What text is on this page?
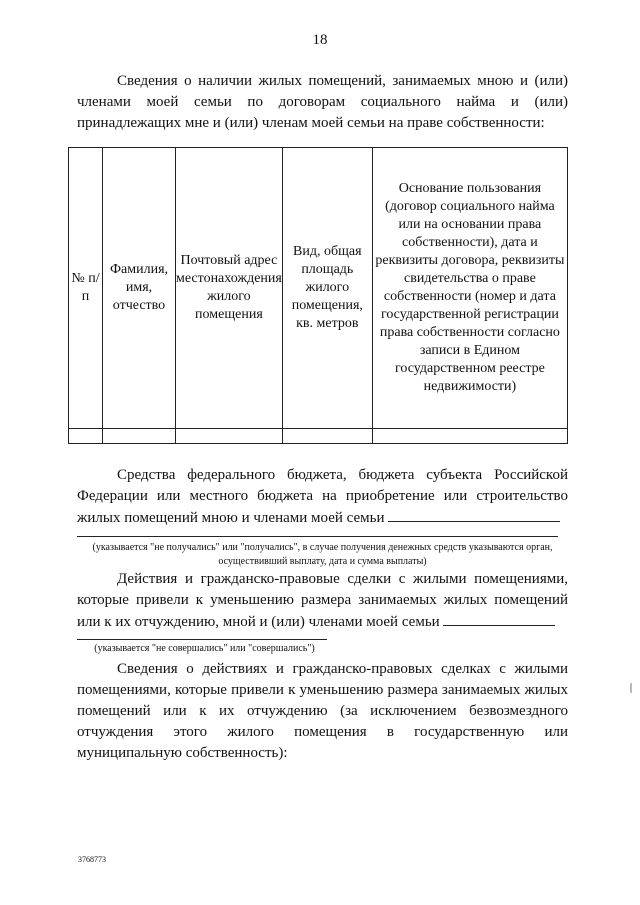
18
Сведения о наличии жилых помещений, занимаемых мною и (или) членами моей семьи по договорам социального найма и (или) принадлежащих мне и (или) членам моей семьи на праве собственности:
№ п/п	Фамилия, имя, отчество	Почтовый адрес местонахождения жилого помещения	Вид, общая площадь жилого помещения, кв. метров	Основание пользования (договор социального найма или на основании права собственности), дата и реквизиты договора, реквизиты свидетельства о праве собственности (номер и дата государственной регистрации права собственности согласно записи в Едином государственном реестре недвижимости)

Средства федерального бюджета, бюджета субъекта Российской Федерации или местного бюджета на приобретение или строительство жилых помещений мною и членами моей семьи
(указывается "не получались" или "получались", в случае получения денежных средств указываются орган, осуществивший выплату, дата и сумма выплаты)
Действия и гражданско-правовые сделки с жилыми помещениями, которые привели к уменьшению размера занимаемых жилых помещений или к их отчуждению, мной и (или) членами моей семьи
(указывается "не совершались" или "совершались")
Сведения о действиях и гражданско-правовых сделках с жилыми помещениями, которые привели к уменьшению размера занимаемых жилых помещений или к их отчуждению (за исключением безвозмездного отчуждения этого жилого помещения в государственную или муниципальную собственность):
3768773
